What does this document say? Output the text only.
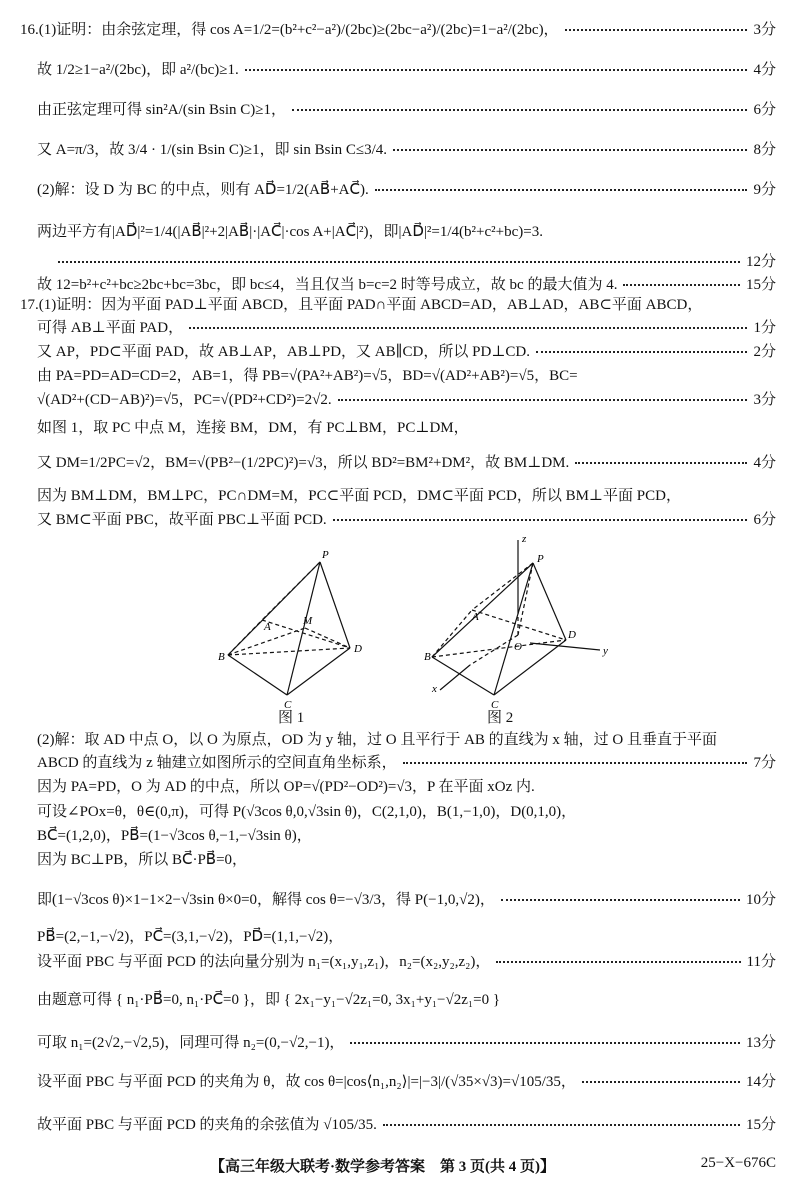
16.(1)证明：由余弦定理，得 cos A=1/2=(b²+c²−a²)/(2bc)≥(2bc−a²)/(2bc)=1−a²/(2bc)，	3分
故 1/2≥1−a²/(2bc)，即 a²/(bc)≥1.	4分
由正弦定理可得 sin²A/(sin Bsin C)≥1，	6分
又 A=π/3，故 3/4 · 1/(sin Bsin C)≥1，即 sin Bsin C≤3/4.	8分
(2)解：设 D 为 BC 的中点，则有 AD⃗=1/2(AB⃗+AC⃗).	9分
两边平方有|AD⃗|²=1/4(|AB⃗|²+2|AB⃗|·|AC⃗|·cos A+|AC⃗|²)，即|AD⃗|²=1/4(b²+c²+bc)=3.
12分
故 12=b²+c²+bc≥2bc+bc=3bc，即 bc≤4，当且仅当 b=c=2 时等号成立，故 bc 的最大值为 4.	15分
17.(1)证明：因为平面 PAD⊥平面 ABCD，且平面 PAD∩平面 ABCD=AD，AB⊥AD，AB⊂平面 ABCD，
可得 AB⊥平面 PAD，	1分
又 AP，PD⊂平面 PAD，故 AB⊥AP，AB⊥PD，又 AB∥CD，所以 PD⊥CD.	2分
由 PA=PD=AD=CD=2，AB=1，得 PB=√(PA²+AB²)=√5，BD=√(AD²+AB²)=√5，BC=
√(AD²+(CD−AB)²)=√5，PC=√(PD²+CD²)=2√2.	3分
如图 1，取 PC 中点 M，连接 BM，DM，有 PC⊥BM，PC⊥DM，
又 DM=1/2PC=√2，BM=√(PB²−(1/2PC)²)=√3，所以 BD²=BM²+DM²，故 BM⊥DM.	4分
因为 BM⊥DM，BM⊥PC，PC∩DM=M，PC⊂平面 PCD，DM⊂平面 PCD，所以 BM⊥平面 PCD，
又 BM⊂平面 PBC，故平面 PBC⊥平面 PCD.	6分
P
A	M
B
C
D
z
P
A
O
B
C
D
x
y
图 1	图 2
(2)解：取 AD 中点 O，以 O 为原点，OD 为 y 轴，过 O 且平行于 AB 的直线为 x 轴，过 O 且垂直于平面
ABCD 的直线为 z 轴建立如图所示的空间直角坐标系，	7分
因为 PA=PD，O 为 AD 的中点，所以 OP=√(PD²−OD²)=√3，P 在平面 xOz 内.
可设∠POx=θ，θ∈(0,π)，可得 P(√3cos θ,0,√3sin θ)，C(2,1,0)，B(1,−1,0)，D(0,1,0)，
BC⃗=(1,2,0)，PB⃗=(1−√3cos θ,−1,−√3sin θ)，
因为 BC⊥PB，所以 BC⃗·PB⃗=0，
即(1−√3cos θ)×1−1×2−√3sin θ×0=0，解得 cos θ=−√3/3，得 P(−1,0,√2)，	10分
PB⃗=(2,−1,−√2)，PC⃗=(3,1,−√2)，PD⃗=(1,1,−√2)，
设平面 PBC 与平面 PCD 的法向量分别为 n₁=(x₁,y₁,z₁)，n₂=(x₂,y₂,z₂)，	11分
由题意可得 { n₁·PB⃗=0, n₁·PC⃗=0 }，即 { 2x₁−y₁−√2z₁=0, 3x₁+y₁−√2z₁=0 }
可取 n₁=(2√2,−√2,5)，同理可得 n₂=(0,−√2,−1)，	13分
设平面 PBC 与平面 PCD 的夹角为 θ，故 cos θ=|cos⟨n₁,n₂⟩|=|−3|/(√35×√3)=√105/35，	14分
故平面 PBC 与平面 PCD 的夹角的余弦值为 √105/35.	15分
【高三年级大联考·数学参考答案　第 3 页(共 4 页)】	25−X−676C
